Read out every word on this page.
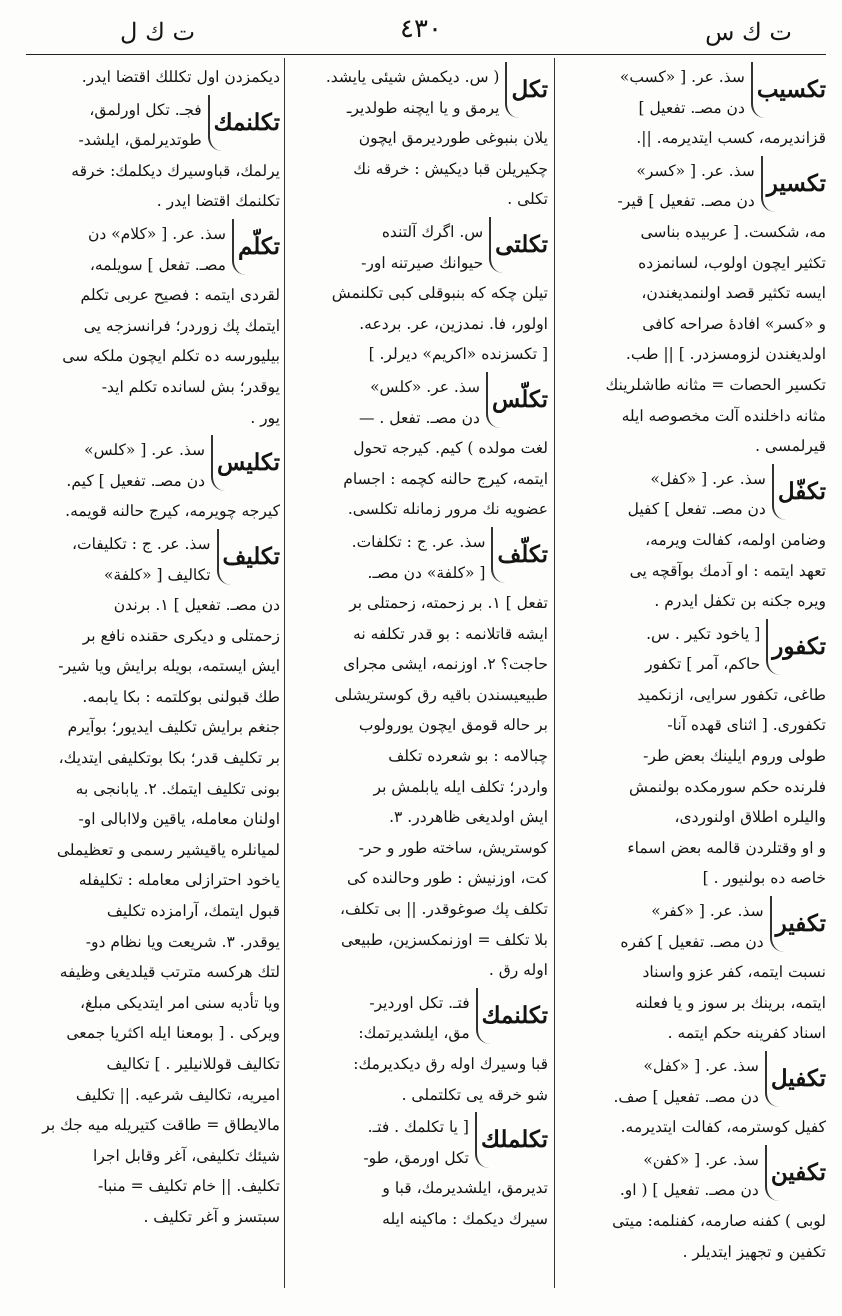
ت ك س
٤٣٠
ت ك ل
تكسيب
سذ. عر. [ «كسب»
دن مصـ. تفعيل ]
قزانديرمه، كسب ايتديرمه. ||.
تكسير
سذ. عر. [ «كسر»
دن مصـ. تفعيل ] قير-
مه، شكست. [ عربيده بناسى
تكثير ايچون اولوب، لسانمزده
ايسه تكثير قصد اولنمديغندن،
و «كسر» افادهٔ صراحه كافى
اولديغندن لزومسزدر. ] || طب.
تكسير الحصات = مثانه طاشلرينك
مثانه داخلنده آلت مخصوصه ايله
قيرلمسى .
تكفّل
سذ. عر. [ «كفل»
دن مصـ. تفعل ] كفيل
وضامن اولمه، كفالت ويرمه،
تعهد ايتمه : او آدمك بوآقچه يى
ويره جكنه بن تكفل ايدرم .
تكفور
[ ياخود تكير . س.
حاكم، آمر ] تكفور
طاغى، تكفور سرايى، ازنكميد
تكفورى. [ اثناى قهده آنا-
طولى وروم ايلينك بعض طر-
فلرنده حكم سورمكده بولنمش
واليلره اطلاق اولنوردى،
و او وقتلردن قالمه بعض اسماء
خاصه ده بولنيور . ]
تكفير
سذ. عر. [ «كفر»
دن مصـ. تفعيل ] كفره
نسبت ايتمه، كفر عزو واسناد
ايتمه، برينك بر سوز و يا فعلنه
اسناد كفرينه حكم ايتمه .
تكفيل
سذ. عر. [ «كفل»
دن مصـ. تفعيل ] صف.
كفيل كوسترمه، كفالت ايتديرمه.
تكفين
سذ. عر. [ «كفن»
دن مصـ. تفعيل ] ( او.
لوبى ) كفنه صارمه، كفنلمه: ميتى
تكفين و تجهيز ايتديلر .
تكل
( س. ديكمش شيئى يايشد.
يرمق و يا ايچنه طولديرـ
يلان بنبوغى طورديرمق ايچون
چكيريلن قبا ديكيش : خرقه نك
تكلى .
تكلتى
س. اگرك آلتنده
حيوانك صيرتنه اور-
تيلن چكه كه بنبوقلى كبى تكلنمش
اولور، فا. نمدزين، عر. بردعه.
[ تكسزنده «اكريم» ديرلر. ]
تكلّس
سذ. عر. «كلس»
دن مصـ. تفعل . —
لغت مولده ) كيم. كيرجه تحول
ايتمه، كيرج حالنه كچمه : اجسام
عضويه نك مرور زمانله تكلسى.
تكلّف
سذ. عر. ج : تكلفات.
[ «كلفة» دن مصـ.
تفعل ] ١. بر زحمته، زحمتلى بر
ايشه قاتلانمه : بو قدر تكلفه نه
حاجت؟ ٢. اوزنمه، ايشى مجراى
طبيعيسندن باقيه رق كوستريشلى
بر حاله قومق ايچون يورولوب
چبالامه : بو شعرده تكلف
واردر؛ تكلف ايله يابلمش بر
ايش اولديغى ظاهردر. ٣.
كوستريش، ساخته طور و حر-
كت، اوزنيش : طور وحالنده كى
تكلف پك صوغوقدر. || بى تكلف،
بلا تكلف = اوزنمكسزين، طبيعى
اوله رق .
تكلنمك
فتـ. تكل اوردير-
مق، ايلشديرتمك:
قبا وسيرك اوله رق ديكديرمك:
شو خرقه يى تكلتملى .
تكلملك
[ يا تكلمك . فتـ.
تكل اورمق، طو-
تديرمق، ايلشديرمك، قبا و
سيرك ديكمك : ماكينه ايله
ديكمزدن اول تكللك اقتضا ايدر.
تكلنمك
فجـ. تكل اورلمق،
طوتديرلمق، ايلشد-
يرلمك، قباوسيرك ديكلمك: خرقه
تكلنمك اقتضا ايدر .
تكلّم
سذ. عر. [ «كلام» دن
مصـ. تفعل ] سويلمه،
لقردى ايتمه : فصيح عربى تكلم
ايتمك پك زوردر؛ فرانسزجه يى
بيليورسه ده تكلم ايچون ملكه سى
يوقدر؛ بش لسانده تكلم ايد-
يور .
تكليس
سذ. عر. [ «كلس»
دن مصـ. تفعيل ] كيم.
كيرجه چويرمه، كيرج حالنه قويمه.
تكليف
سذ. عر. ج : تكليفات،
تكاليف [ «كلفة»
دن مصـ. تفعيل ] ١. برندن
زحمتلى و ديكرى حقنده نافع بر
ايش ايستمه، بويله برايش ويا شير-
طك قبولنى بوكلتمه : بكا يابمه.
جنغم برايش تكليف ايديور؛ بوآيرم
بر تكليف قدر؛ بكا بوتكليفى ايتديك،
بونى تكليف ايتمك. ٢. يابانجى به
اولنان معامله، ياقين ولاابالى او-
لميانلره ياقيشير رسمى و تعظيملى
ياخود احترازلى معامله : تكليفله
قبول ايتمك، آرامزده تكليف
يوقدر. ٣. شريعت ويا نظام دو-
لتك هركسه مترتب قيلديغى وظيفه
ويا تأديه سنى امر ايتديكى مبلغ،
ويركى . [ بومعنا ايله اكثريا جمعى
تكاليف قوللانيلير . ] تكاليف
اميريه، تكاليف شرعيه. || تكليف
مالايطاق = طاقت كتيريله ميه جك بر
شيئك تكليفى، آغر وقابل اجرا
تكليف. || خام تكليف = منبا-
سبتسز و آغر تكليف .
